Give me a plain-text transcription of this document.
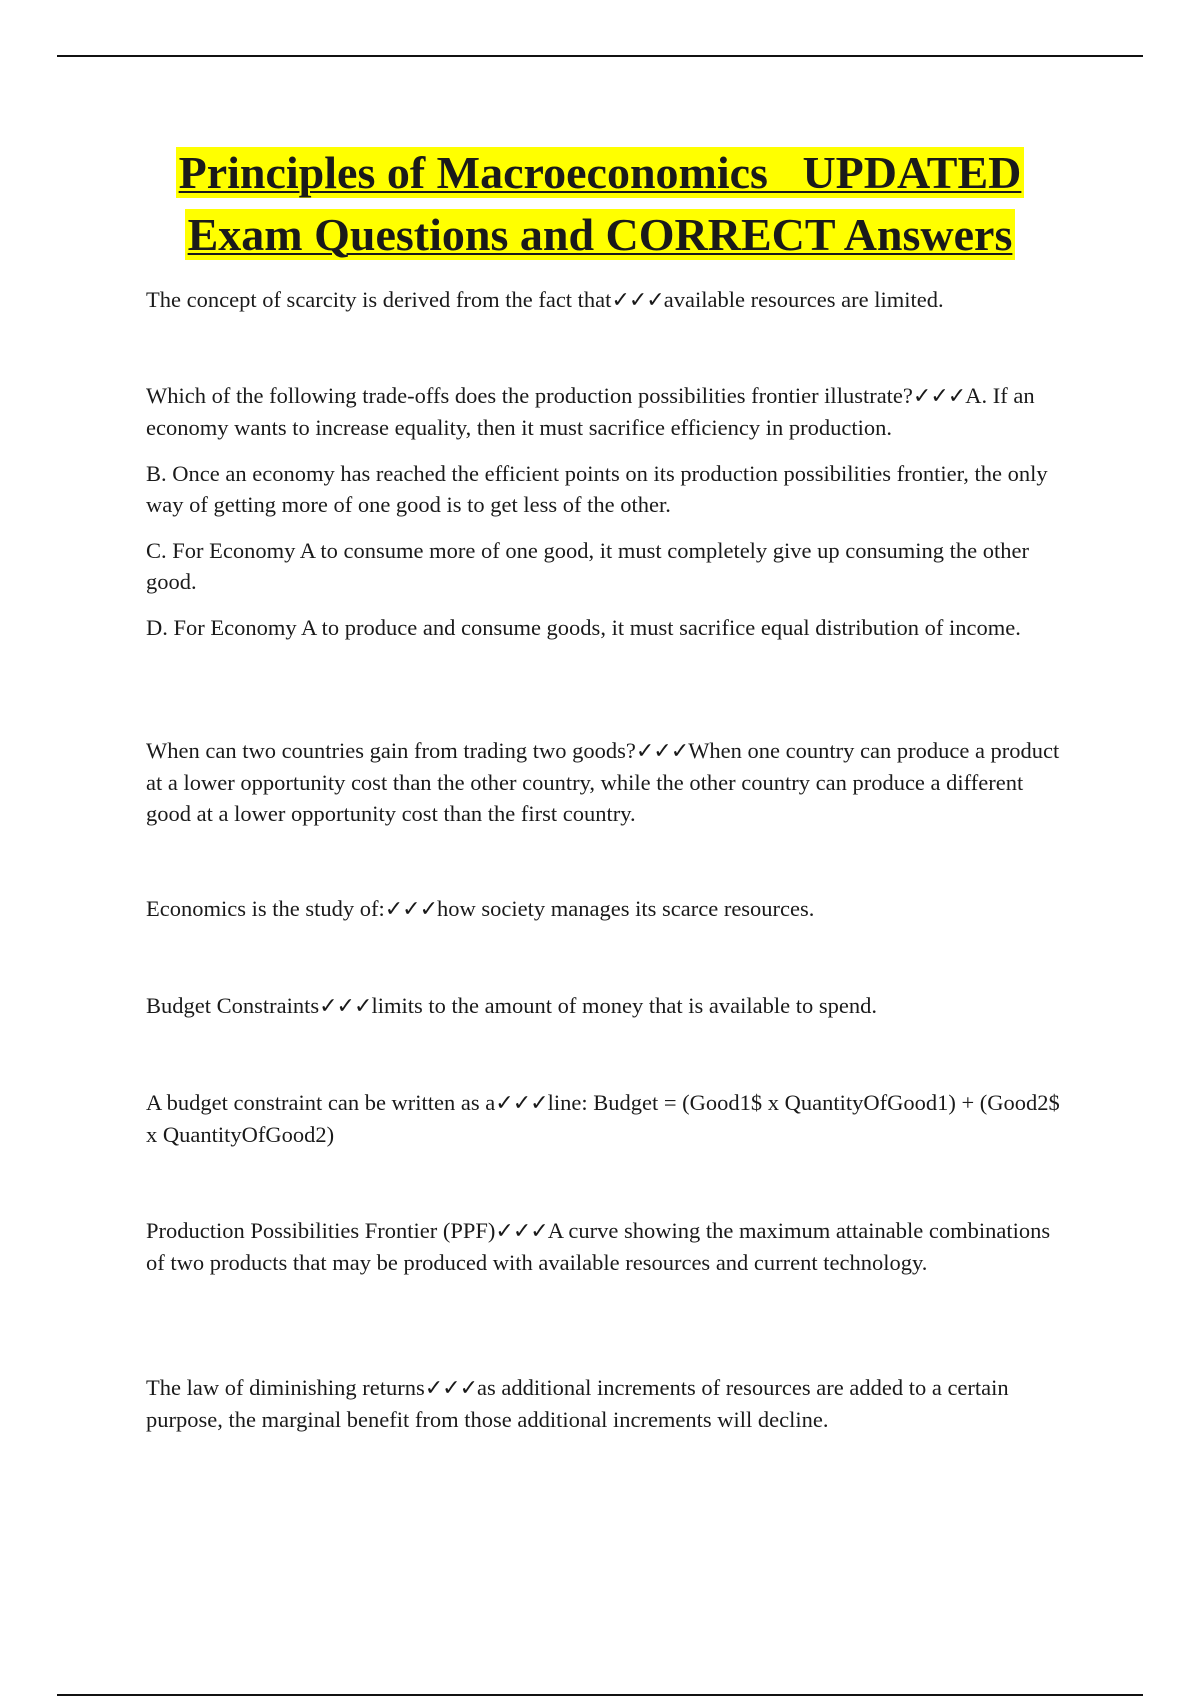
Principles of Macroeconomics   UPDATED
Exam Questions and CORRECT Answers

The concept of scarcity is derived from the fact that✓✓✓available resources are limited.

Which of the following trade-offs does the production possibilities frontier illustrate?✓✓✓A. If an economy wants to increase equality, then it must sacrifice efficiency in production.

B. Once an economy has reached the efficient points on its production possibilities frontier, the only way of getting more of one good is to get less of the other.

C. For Economy A to consume more of one good, it must completely give up consuming the other good.

D. For Economy A to produce and consume goods, it must sacrifice equal distribution of income.

When can two countries gain from trading two goods?✓✓✓When one country can produce a product at a lower opportunity cost than the other country, while the other country can produce a different good at a lower opportunity cost than the first country.

Economics is the study of:✓✓✓how society manages its scarce resources.

Budget Constraints✓✓✓limits to the amount of money that is available to spend.

A budget constraint can be written as a✓✓✓line: Budget = (Good1$ x QuantityOfGood1) + (Good2$ x QuantityOfGood2)

Production Possibilities Frontier (PPF)✓✓✓A curve showing the maximum attainable combinations of two products that may be produced with available resources and current technology.

The law of diminishing returns✓✓✓as additional increments of resources are added to a certain purpose, the marginal benefit from those additional increments will decline.
